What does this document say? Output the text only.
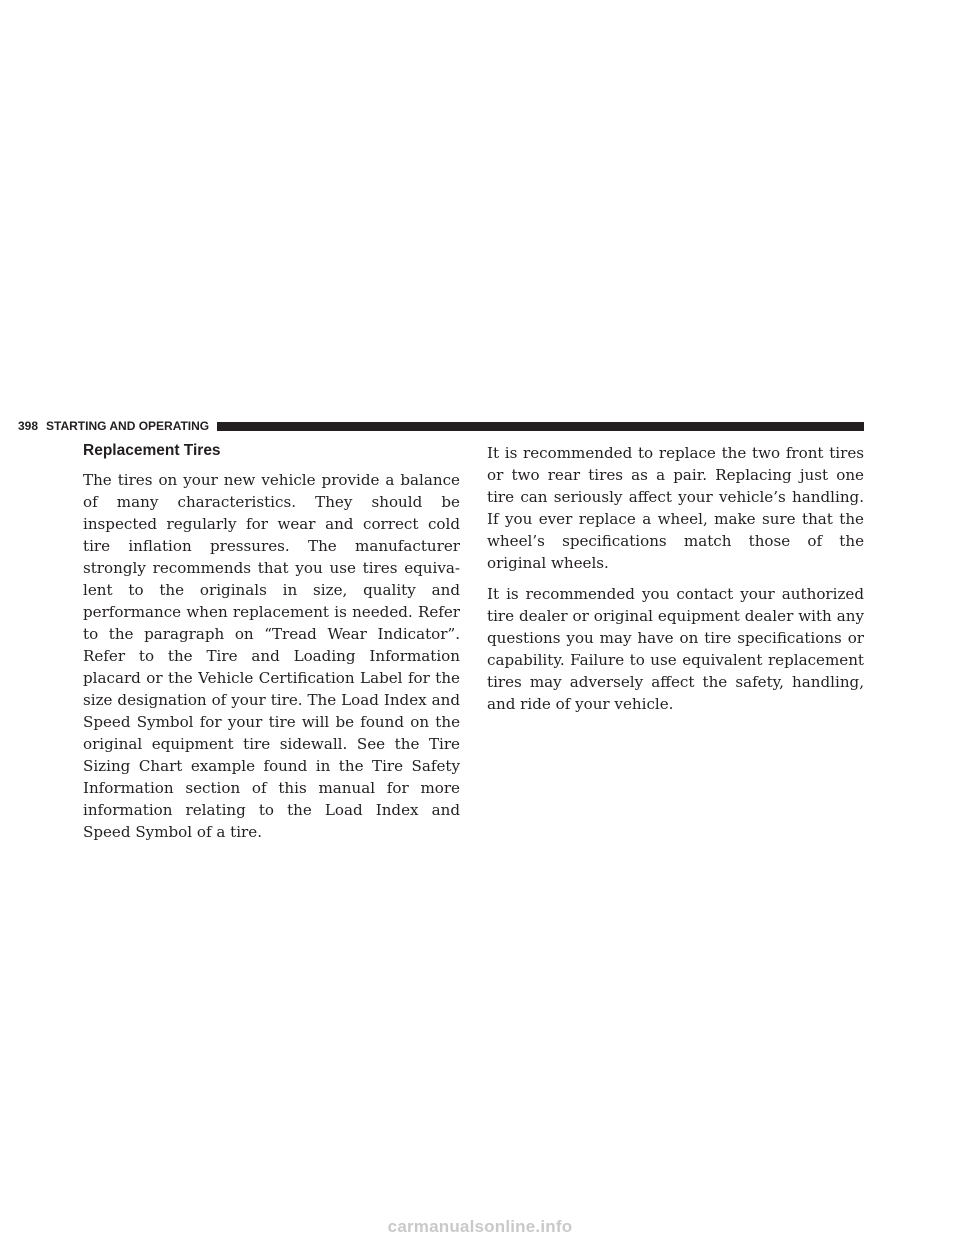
398 STARTING AND OPERATING
Replacement Tires

The tires on your new vehicle provide a balance of many characteristics. They should be inspected regularly for wear and correct cold tire inflation pressures. The manufacturer strongly recommends that you use tires equivalent to the originals in size, quality and performance when replacement is needed. Refer to the paragraph on “Tread Wear Indicator”. Refer to the Tire and Loading Information placard or the Vehicle Certification Label for the size designation of your tire. The Load Index and Speed Symbol for your tire will be found on the original equipment tire sidewall. See the Tire Sizing Chart example found in the Tire Safety Information section of this manual for more information relating to the Load Index and Speed Symbol of a tire.

It is recommended to replace the two front tires or two rear tires as a pair. Replacing just one tire can seriously affect your vehicle’s handling. If you ever replace a wheel, make sure that the wheel’s specifications match those of the original wheels.

It is recommended you contact your authorized tire dealer or original equipment dealer with any questions you may have on tire specifications or capability. Failure to use equivalent replacement tires may adversely affect the safety, handling, and ride of your vehicle.

carmanualsonline.info
